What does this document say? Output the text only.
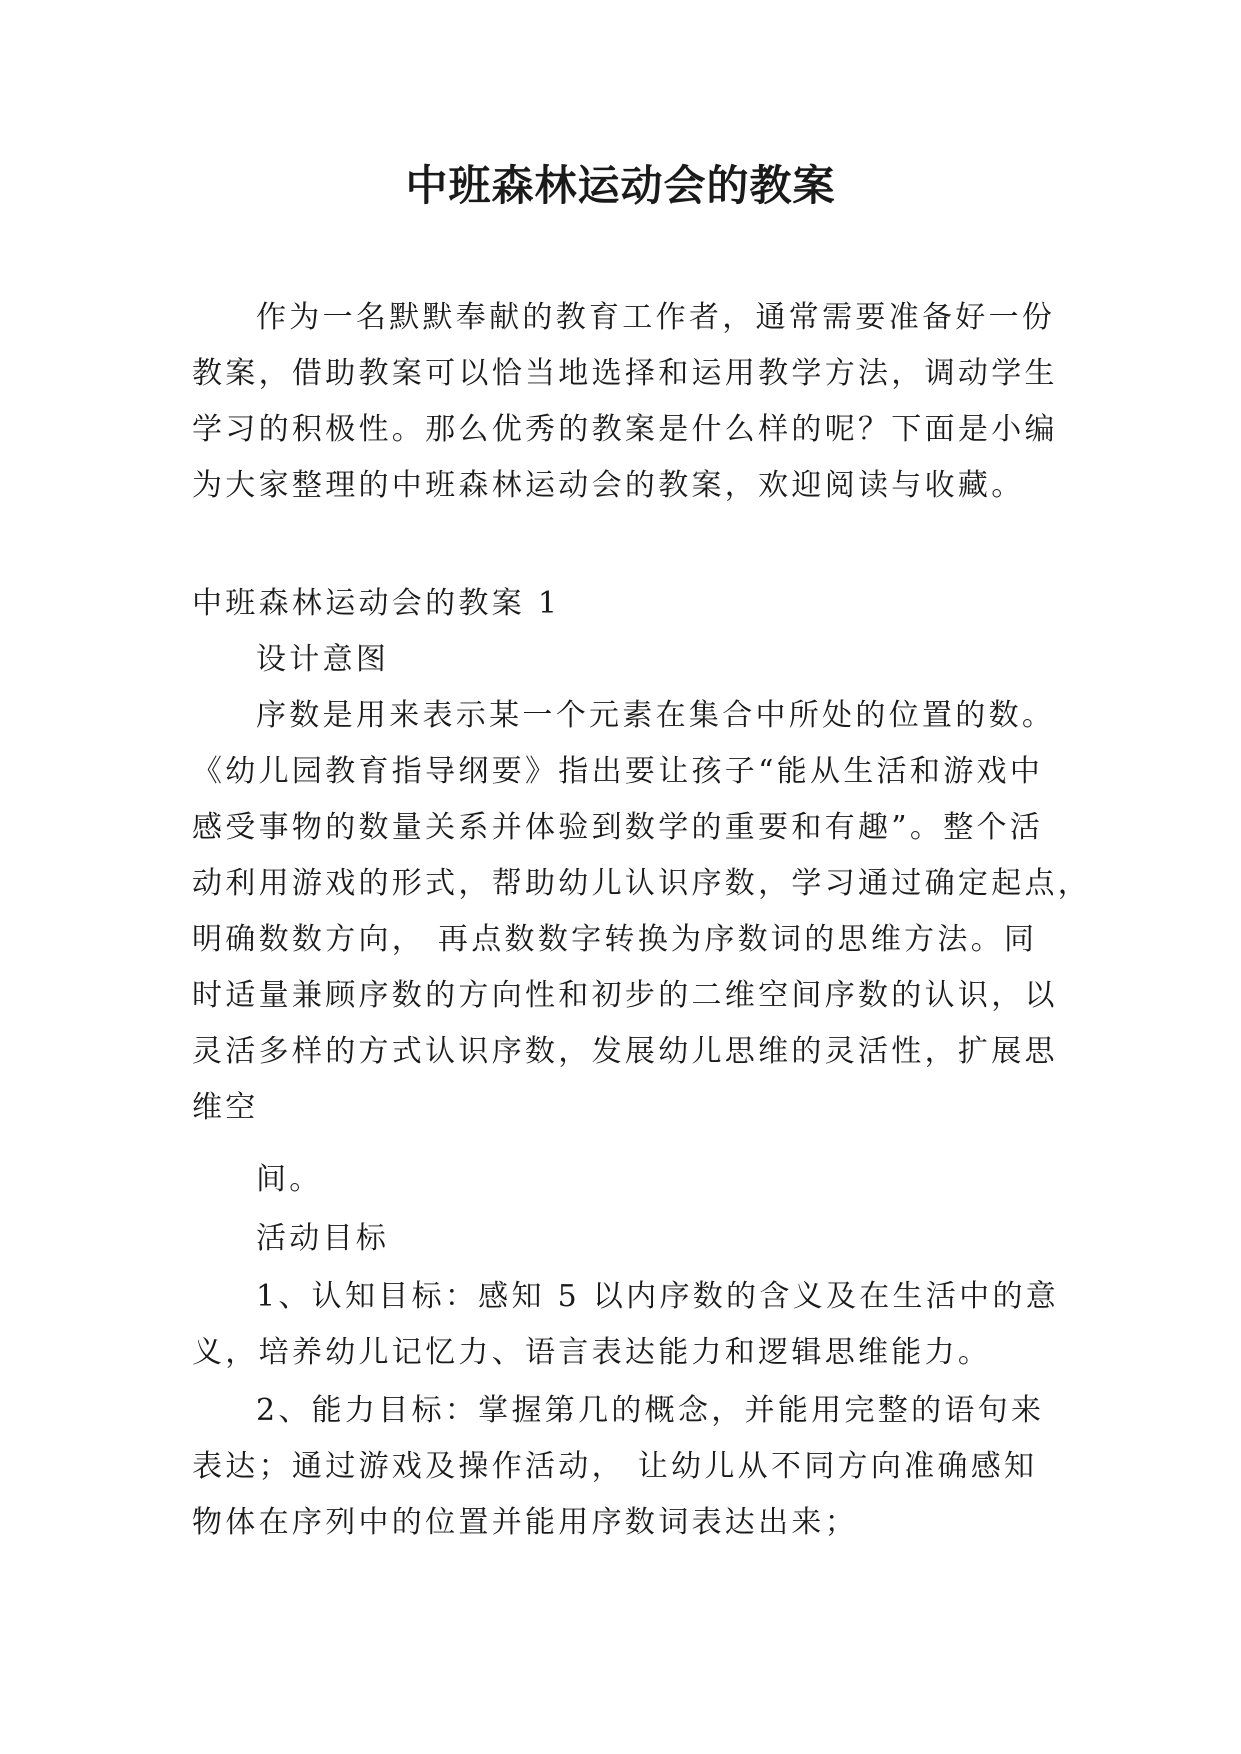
中班森林运动会的教案
作为一名默默奉献的教育工作者，通常需要准备好一份
教案，借助教案可以恰当地选择和运用教学方法，调动学生
学习的积极性。那么优秀的教案是什么样的呢？下面是小编
为大家整理的中班森林运动会的教案，欢迎阅读与收藏。
中班森林运动会的教案 1
设计意图
序数是用来表示某一个元素在集合中所处的位置的数。
《幼儿园教育指导纲要》指出要让孩子“能从生活和游戏中
感受事物的数量关系并体验到数学的重要和有趣”。整个活
动利用游戏的形式，帮助幼儿认识序数，学习通过确定起点，
明确数数方向， 再点数数字转换为序数词的思维方法。同
时适量兼顾序数的方向性和初步的二维空间序数的认识，以
灵活多样的方式认识序数，发展幼儿思维的灵活性，扩展思
维空
间。
活动目标
1、认知目标：感知 5 以内序数的含义及在生活中的意
义，培养幼儿记忆力、语言表达能力和逻辑思维能力。
2、能力目标：掌握第几的概念，并能用完整的语句来
表达；通过游戏及操作活动， 让幼儿从不同方向准确感知
物体在序列中的位置并能用序数词表达出来；
